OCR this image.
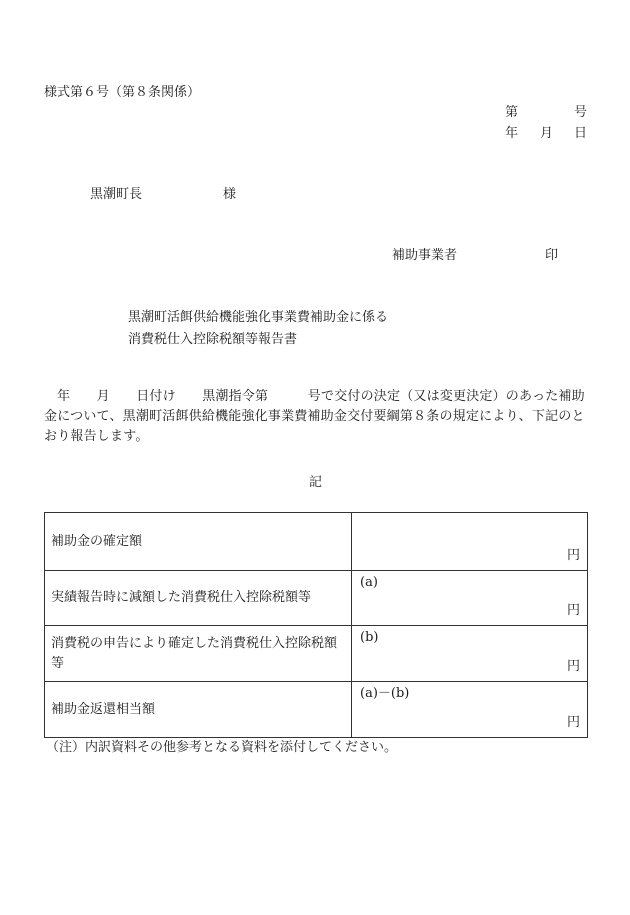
様式第６号（第８条関係）
第	号
年 月 日
黒潮町長	様
補助事業者	印
黒潮町活餌供給機能強化事業費補助金に係る
消費税仕入控除税額等報告書

年　　月　　日付け　　黒潮指令第　　　号で交付の決定（又は変更決定）のあった補助金について、黒潮町活餌供給機能強化事業費補助金交付要綱第８条の規定により、下記のとおり報告します。

記
補助金の確定額	円

実績報告時に減額した消費税仕入控除税額等	(a)
円

消費税の申告により確定した消費税仕入控除税額等	(b)
円

補助金返還相当額	(a)－(b)
円
（注）内訳資料その他参考となる資料を添付してください。
